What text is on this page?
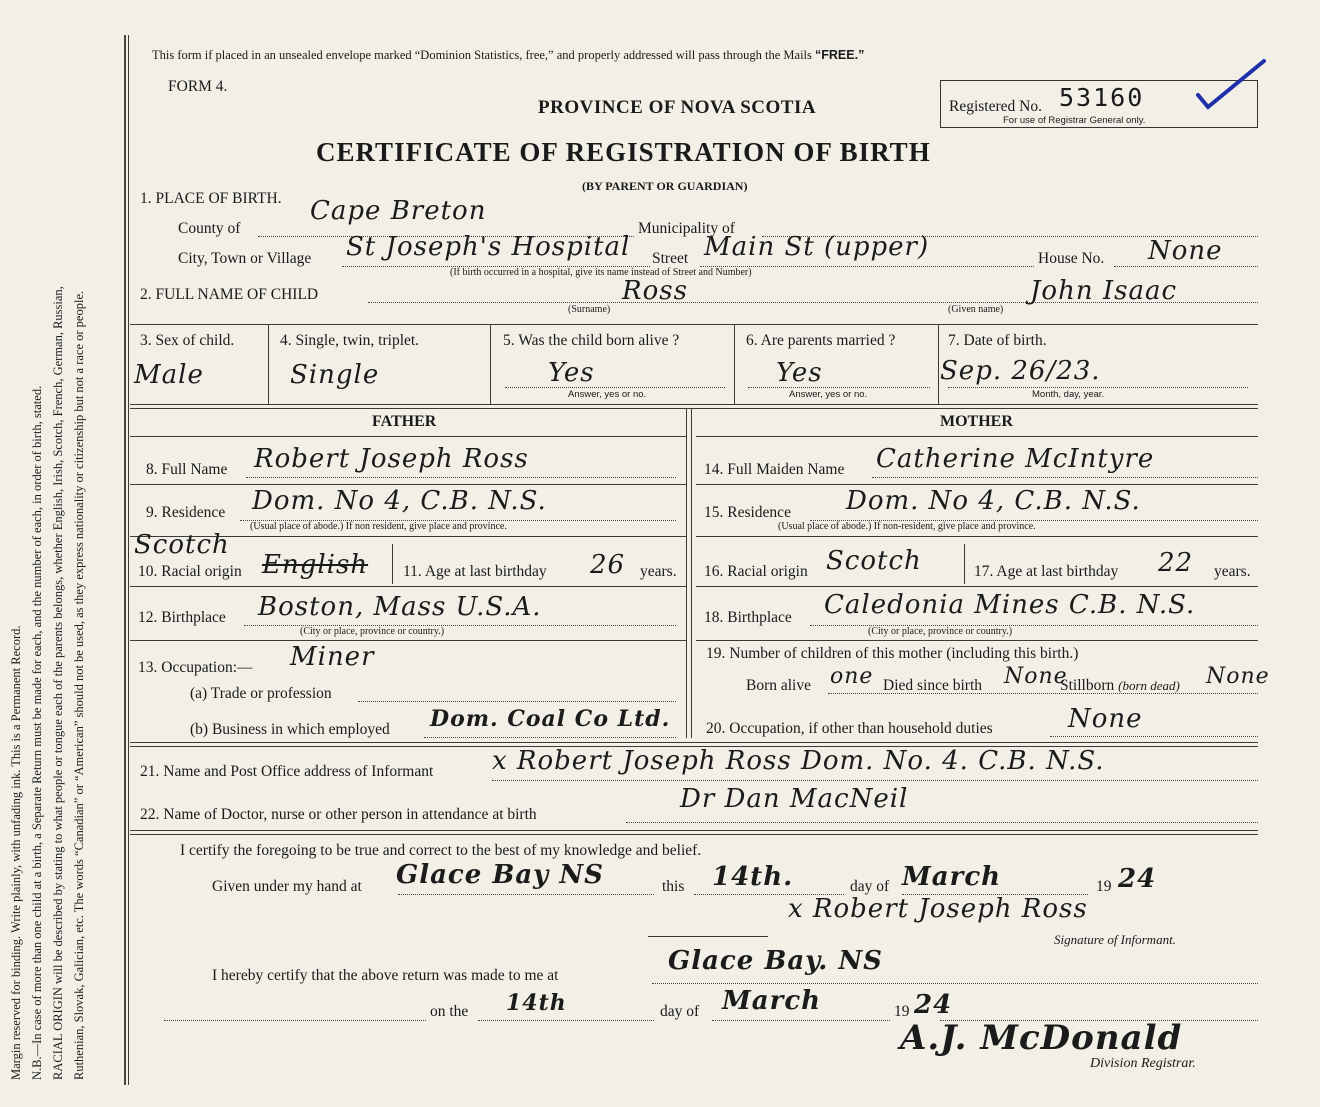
Margin reserved for binding. Write plainly, with unfading ink. This is a Permanent Record. N.B.—In case of more than one child at a birth, a Separate Return must be made for each, and the number of each, in order of birth, stated. RACIAL ORIGIN will be described by stating to what people or tongue each of the parents belongs, whether English, Irish, Scotch, French, German, Russian, Ruthenian, Slovak, Galician, etc. The words “Canadian” or “American” should not be used, as they express nationality or citizenship but not a race or people.
This form if placed in an unsealed envelope marked “Dominion Statistics, free,” and properly addressed will pass through the Mails “FREE.”
FORM 4.
PROVINCE OF NOVA SCOTIA
CERTIFICATE OF REGISTRATION OF BIRTH
(BY PARENT OR GUARDIAN)
Registered No. 53160
For use of Registrar General only.
1. PLACE OF BIRTH.
County of
Cape Breton
Municipality of
City, Town or Village St Joseph's Hospital Street Main St (upper)	House No. None
(If birth occurred in a hospital, give its name instead of Street and Number)
2. FULL NAME OF CHILD	Ross
(Surname)
John Isaac
(Given name)
3. Sex of child.
Male
4. Single, twin, triplet.
Single
5. Was the child born alive ?
Yes
Answer, yes or no.
6. Are parents married ?
Yes
Answer, yes or no.
7. Date of birth.
Sep. 26/23.
Month, day, year.
FATHER	MOTHER
8. Full Name Robert Joseph Ross
9. Residence Dom. No 4, C.B. N.S.
(Usual place of abode.) If non resident, give place and province.
Scotch
10. Racial origin English 11. Age at last birthday 26 years.
12. Birthplace Boston, Mass U.S.A.
(City or place, province or country.)
13. Occupation:— Miner
(a) Trade or profession
(b) Business in which employed Dom. Coal Co Ltd.
14. Full Maiden Name Catherine McIntyre
15. Residence Dom. No 4, C.B. N.S.
(Usual place of abode.) If non-resident, give place and province.
16. Racial origin Scotch	17. Age at last birthday 22 years.
18. Birthplace Caledonia Mines C.B. N.S.
(City or place, province or country.)
19. Number of children of this mother (including this birth.)
Born alive one Died since birth None
Stillborn (born dead) None
20. Occupation, if other than household duties	None
21. Name and Post Office address of Informant x Robert Joseph Ross Dom. No. 4. C.B. N.S.
22. Name of Doctor, nurse or other person in attendance at birth
Dr Dan MacNeil
I certify the foregoing to be true and correct to the best of my knowledge and belief.
Given under my hand at Glace Bay NS	this 14th.	day of March	19 24
x Robert Joseph Ross
Signature of Informant.
I hereby certify that the above return was made to me at	Glace Bay. NS
on the 14th	day of March	19 24
A.J. McDonald
Division Registrar.
